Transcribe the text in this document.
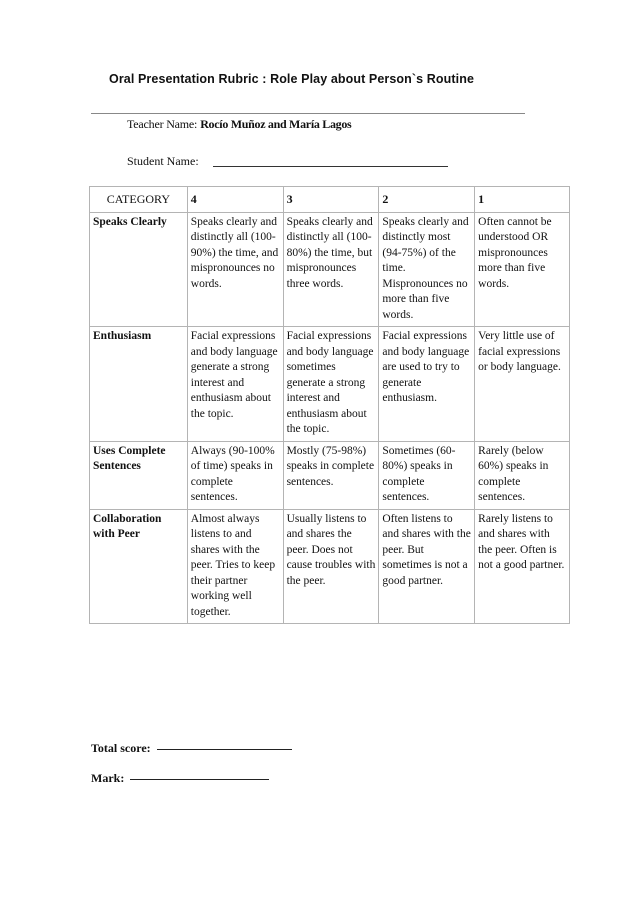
Oral Presentation Rubric : Role Play about Person`s Routine
Teacher Name: Rocío Muñoz and María Lagos
Student Name:
CATEGORY	4	3	2	1
Speaks Clearly	Speaks clearly and distinctly all (100-90%) the time, and mispronounces no words.	Speaks clearly and distinctly all (100-80%) the time, but mispronounces three words.	Speaks clearly and distinctly most (94-75%) of the time. Mispronounces no more than five words.	Often cannot be understood OR mispronounces more than five words.
Enthusiasm	Facial expressions and body language generate a strong interest and enthusiasm about the topic.	Facial expressions and body language sometimes generate a strong interest and enthusiasm about the topic.	Facial expressions and body language are used to try to generate enthusiasm.	Very little use of facial expressions or body language.
Uses Complete Sentences	Always (90-100% of time) speaks in complete sentences.	Mostly (75-98%) speaks in complete sentences.	Sometimes (60-80%) speaks in complete sentences.	Rarely (below 60%) speaks in complete sentences.
Collaboration with Peer	Almost always listens to and shares with the peer. Tries to keep their partner working well together.	Usually listens to and shares the peer. Does not cause troubles with the peer.	Often listens to and shares with the peer. But sometimes is not a good partner.	Rarely listens to and shares with the peer. Often is not a good partner.
Total score:
Mark:
